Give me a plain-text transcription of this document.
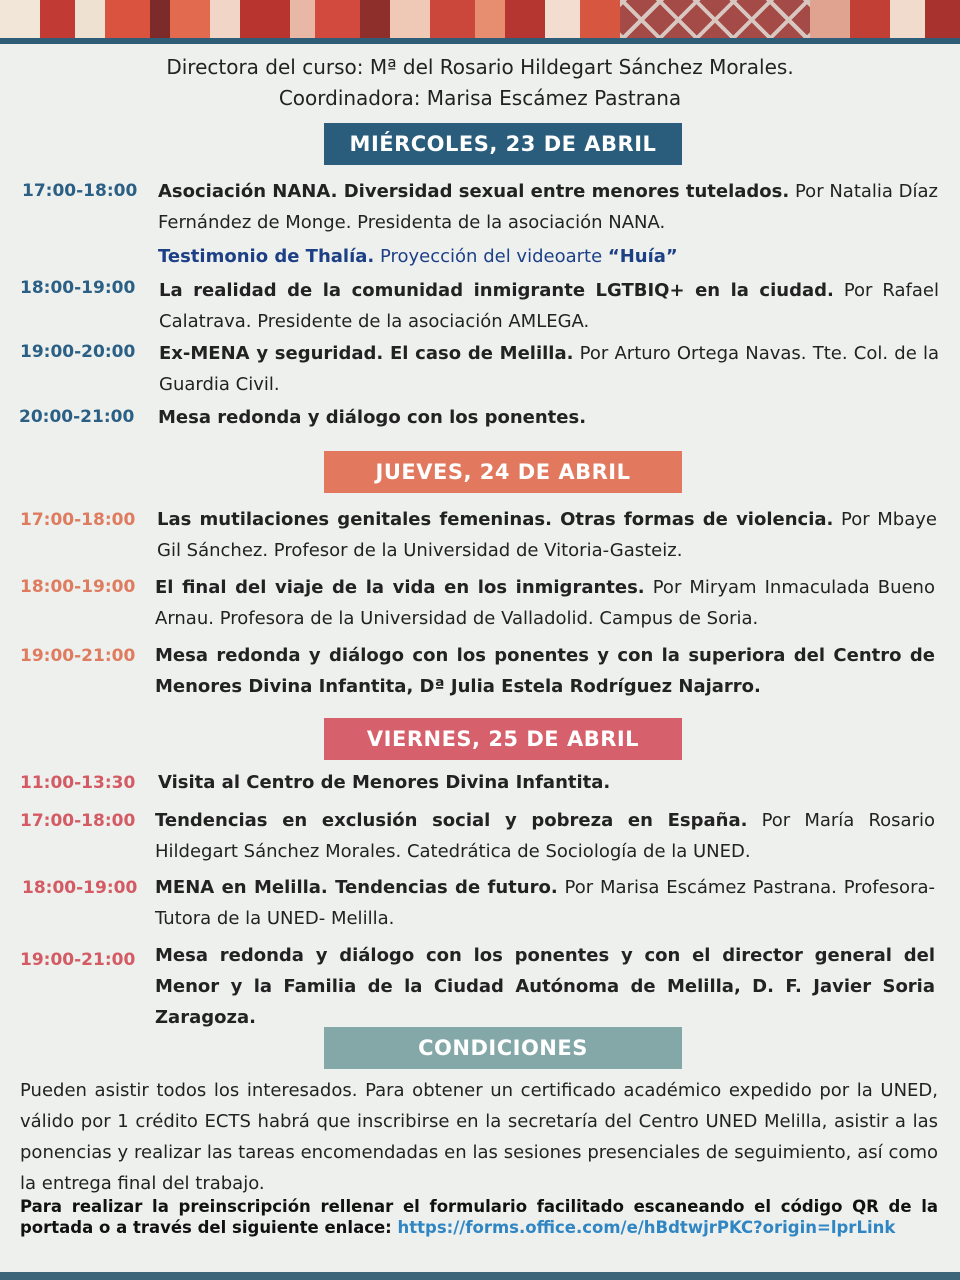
Directora del curso: Mª del Rosario Hildegart Sánchez Morales.
Coordinadora: Marisa Escámez Pastrana
MIÉRCOLES, 23 DE ABRIL
17:00-18:00 Asociación NANA. Diversidad sexual entre menores tutelados. Por Natalia Díaz Fernández de Monge. Presidenta de la asociación NANA.
Testimonio de Thalía. Proyección del videoarte “Huía”
18:00-19:00 La realidad de la comunidad inmigrante LGTBIQ+ en la ciudad. Por Rafael Calatrava. Presidente de la asociación AMLEGA.
19:00-20:00 Ex-MENA y seguridad. El caso de Melilla. Por Arturo Ortega Navas. Tte. Col. de la Guardia Civil.
20:00-21:00 Mesa redonda y diálogo con los ponentes.
JUEVES, 24 DE ABRIL
17:00-18:00 Las mutilaciones genitales femeninas. Otras formas de violencia. Por Mbaye Gil Sánchez. Profesor de la Universidad de Vitoria-Gasteiz.
18:00-19:00 El final del viaje de la vida en los inmigrantes. Por Miryam Inmaculada Bueno Arnau. Profesora de la Universidad de Valladolid. Campus de Soria.
19:00-21:00 Mesa redonda y diálogo con los ponentes y con la superiora del Centro de Menores Divina Infantita, Dª Julia Estela Rodríguez Najarro.
VIERNES, 25 DE ABRIL
11:00-13:30 Visita al Centro de Menores Divina Infantita.
17:00-18:00 Tendencias en exclusión social y pobreza en España. Por María Rosario Hildegart Sánchez Morales. Catedrática de Sociología de la UNED.
18:00-19:00 MENA en Melilla. Tendencias de futuro. Por Marisa Escámez Pastrana. Profesora- Tutora de la UNED- Melilla.
19:00-21:00 Mesa redonda y diálogo con los ponentes y con el director general del Menor y la Familia de la Ciudad Autónoma de Melilla, D. F. Javier Soria Zaragoza.
CONDICIONES
Pueden asistir todos los interesados. Para obtener un certificado académico expedido por la UNED, válido por 1 crédito ECTS habrá que inscribirse en la secretaría del Centro UNED Melilla, asistir a las ponencias y realizar las tareas encomendadas en las sesiones presenciales de seguimiento, así como la entrega final del trabajo.
Para realizar la preinscripción rellenar el formulario facilitado escaneando el código QR de la portada o a través del siguiente enlace: https://forms.office.com/e/hBdtwjrPKC?origin=lprLink
